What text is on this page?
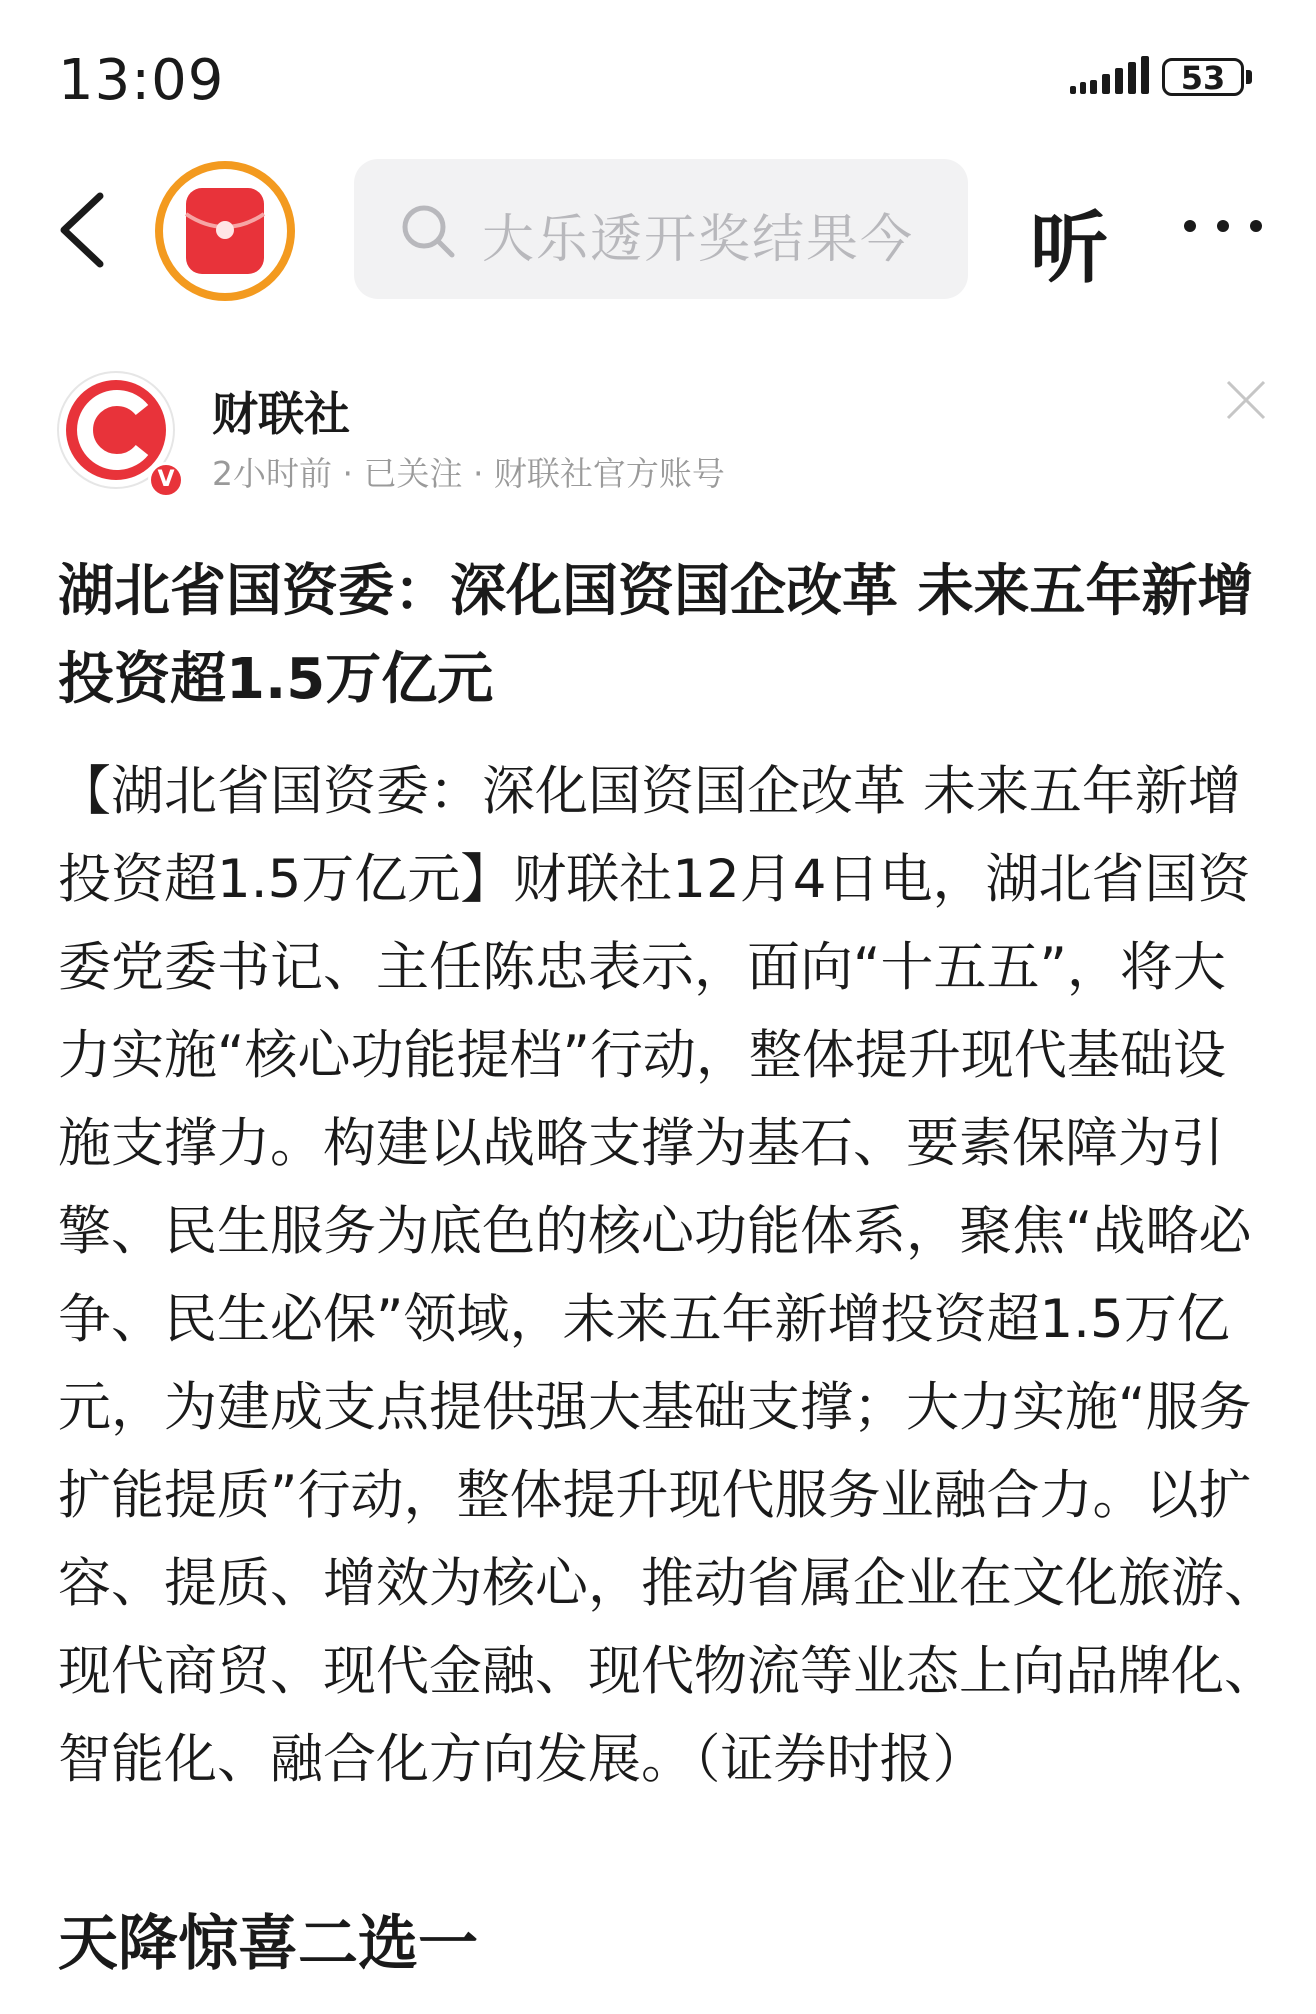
13:09	53
大乐透开奖结果今 听
V
财联社
2小时前 · 已关注 · 财联社官方账号
湖北省国资委：深化国资国企改革 未来五年新增投资超1.5万亿元

【湖北省国资委：深化国资国企改革 未来五年新增投资超1.5万亿元】财联社12月4日电，湖北省国资委党委书记、主任陈忠表示，面向“十五五”，将大力实施“核心功能提档”行动，整体提升现代基础设施支撑力。构建以战略支撑为基石、要素保障为引擎、民生服务为底色的核心功能体系，聚焦“战略必争、民生必保”领域，未来五年新增投资超1.5万亿元，为建成支点提供强大基础支撑；大力实施“服务扩能提质”行动，整体提升现代服务业融合力。以扩容、提质、增效为核心，推动省属企业在文化旅游、现代商贸、现代金融、现代物流等业态上向品牌化、智能化、融合化方向发展。（证券时报）

天降惊喜二选一
